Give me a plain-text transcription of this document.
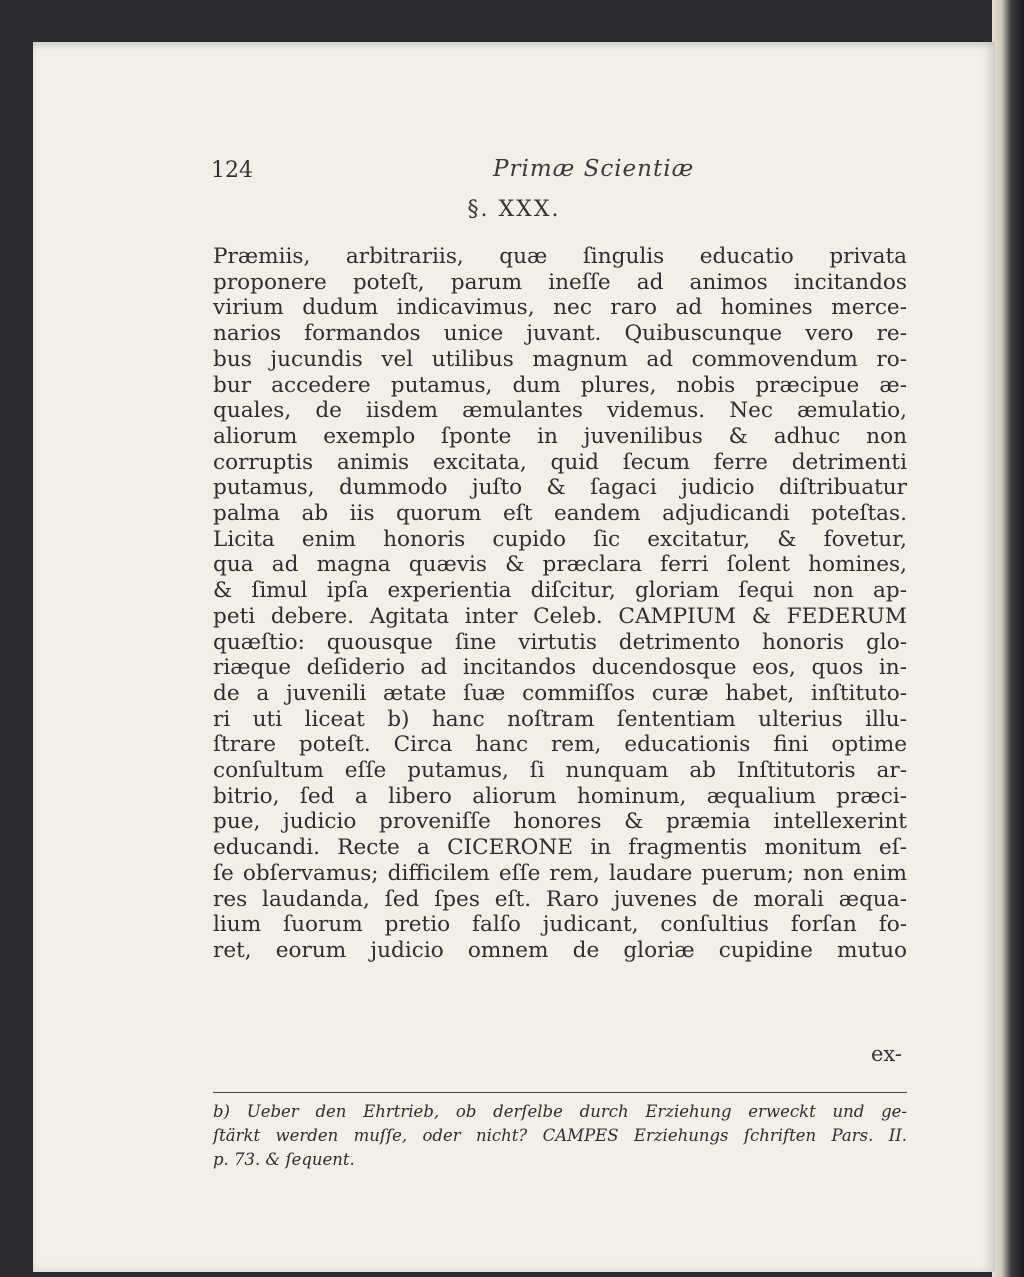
124	Primæ Scientiæ
§. XXX.
Præmiis, arbitrariis, quæ ſingulis educatio privata
proponere poteſt, parum ineſſe ad animos incitandos
virium dudum indicavimus, nec raro ad homines merce-
narios formandos unice juvant. Quibuscunque vero re-
bus jucundis vel utilibus magnum ad commovendum ro-
bur accedere putamus, dum plures, nobis præcipue æ-
quales, de iisdem æmulantes videmus. Nec æmulatio,
aliorum exemplo ſponte in juvenilibus & adhuc non
corruptis animis excitata, quid ſecum ferre detrimenti
putamus, dummodo juſto & ſagaci judicio diſtribuatur
palma ab iis quorum eſt eandem adjudicandi poteſtas.
Licita enim honoris cupido ſic excitatur, & fovetur,
qua ad magna quævis & præclara ferri ſolent homines,
& ſimul ipſa experientia diſcitur, gloriam ſequi non ap-
peti debere. Agitata inter Celeb. CAMPIUM & FEDERUM
quæſtio: quousque ſine virtutis detrimento honoris glo-
riæque deſiderio ad incitandos ducendosque eos, quos in-
de a juvenili ætate ſuæ commiſſos curæ habet, inſtituto-
ri uti liceat b) hanc noſtram ſententiam ulterius illu-
ſtrare poteſt. Circa hanc rem, educationis fini optime
conſultum eſſe putamus, ſi nunquam ab Inſtitutoris ar-
bitrio, ſed a libero aliorum hominum, æqualium præci-
pue, judicio proveniſſe honores & præmia intellexerint
educandi. Recte a CICERONE in fragmentis monitum eſ-
ſe obſervamus; difficilem eſſe rem, laudare puerum; non enim
res laudanda, ſed ſpes eſt. Raro juvenes de morali æqua-
lium ſuorum pretio falſo judicant, conſultius forſan fo-
ret, eorum judicio omnem de gloriæ cupidine mutuo
ex-
b) Ueber den Ehrtrieb, ob derſelbe durch Erziehung erweckt und ge-
ſtärkt werden muſſe, oder nicht? CAMPES Erziehungs ſchriften Pars. II.
p. 73. & ſequent.
